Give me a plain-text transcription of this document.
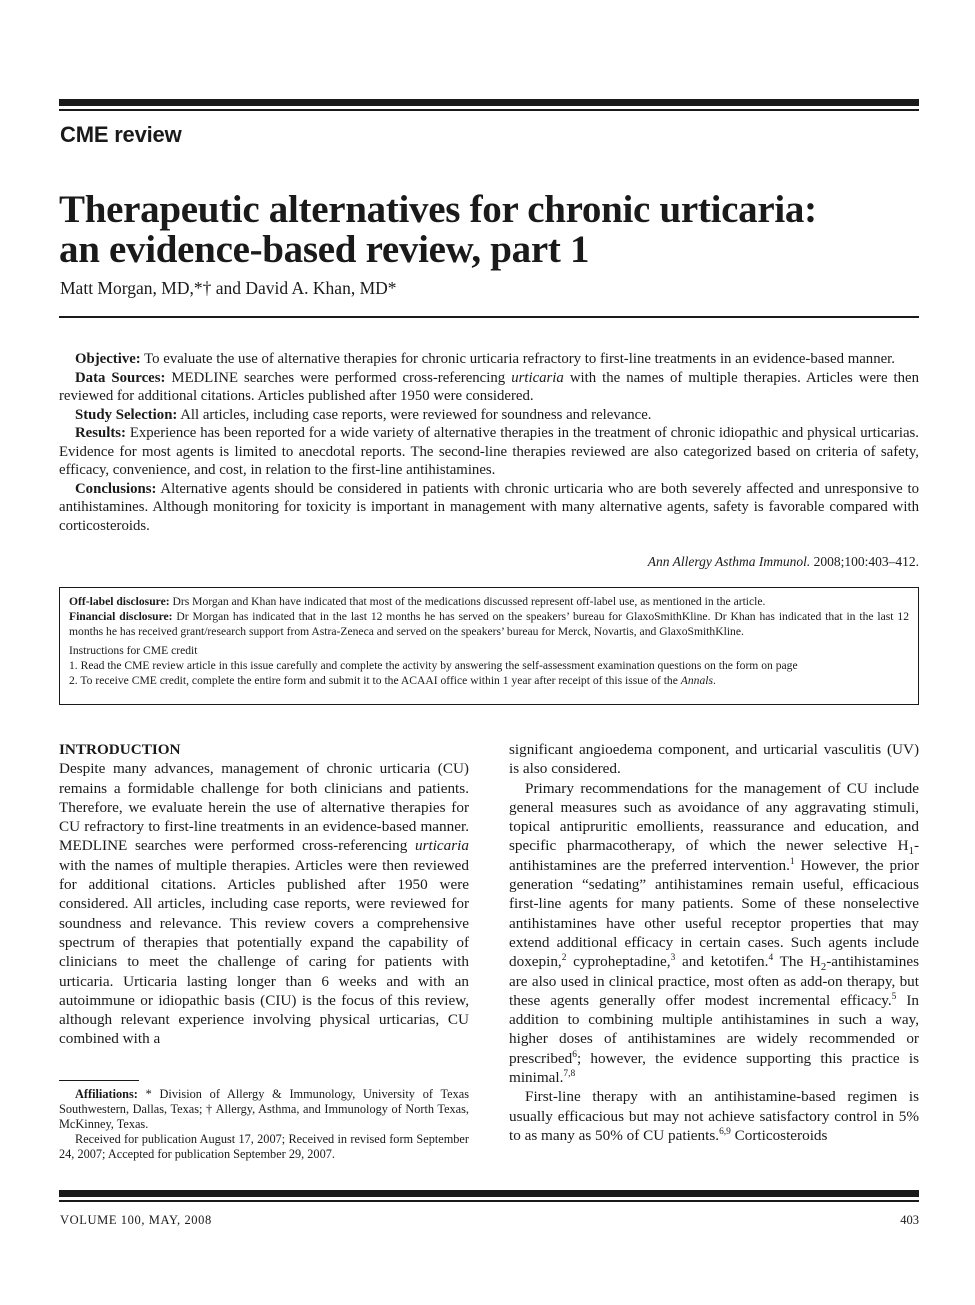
CME review
Therapeutic alternatives for chronic urticaria:
an evidence-based review, part 1
Matt Morgan, MD,*† and David A. Khan, MD*

Objective: To evaluate the use of alternative therapies for chronic urticaria refractory to first-line treatments in an evidence-based manner.

Data Sources: MEDLINE searches were performed cross-referencing urticaria with the names of multiple therapies. Articles were then reviewed for additional citations. Articles published after 1950 were considered.

Study Selection: All articles, including case reports, were reviewed for soundness and relevance.

Results: Experience has been reported for a wide variety of alternative therapies in the treatment of chronic idiopathic and physical urticarias. Evidence for most agents is limited to anecdotal reports. The second-line therapies reviewed are also categorized based on criteria of safety, efficacy, convenience, and cost, in relation to the first-line antihistamines.

Conclusions: Alternative agents should be considered in patients with chronic urticaria who are both severely affected and unresponsive to antihistamines. Although monitoring for toxicity is important in management with many alternative agents, safety is favorable compared with corticosteroids.

Ann Allergy Asthma Immunol. 2008;100:403–412.

Off-label disclosure: Drs Morgan and Khan have indicated that most of the medications discussed represent off-label use, as mentioned in the article.

Financial disclosure: Dr Morgan has indicated that in the last 12 months he has served on the speakers’ bureau for GlaxoSmithKline. Dr Khan has indicated that in the last 12 months he has received grant/research support from Astra-Zeneca and served on the speakers’ bureau for Merck, Novartis, and GlaxoSmithKline.

Instructions for CME credit

1. Read the CME review article in this issue carefully and complete the activity by answering the self-assessment examination questions on the form on page

2. To receive CME credit, complete the entire form and submit it to the ACAAI office within 1 year after receipt of this issue of the Annals.

INTRODUCTION

Despite many advances, management of chronic urticaria (CU) remains a formidable challenge for both clinicians and patients. Therefore, we evaluate herein the use of alternative therapies for CU refractory to first-line treatments in an evidence-based manner. MEDLINE searches were performed cross-referencing urticaria with the names of multiple therapies. Articles were then reviewed for additional citations. Articles published after 1950 were considered. All articles, including case reports, were reviewed for soundness and relevance. This review covers a comprehensive spectrum of therapies that potentially expand the capability of clinicians to meet the challenge of caring for patients with urticaria. Urticaria lasting longer than 6 weeks and with an autoimmune or idiopathic basis (CIU) is the focus of this review, although relevant experience involving physical urticarias, CU combined with a

Affiliations: * Division of Allergy & Immunology, University of Texas Southwestern, Dallas, Texas; † Allergy, Asthma, and Immunology of North Texas, McKinney, Texas.

Received for publication August 17, 2007; Received in revised form September 24, 2007; Accepted for publication September 29, 2007.

significant angioedema component, and urticarial vasculitis (UV) is also considered.

Primary recommendations for the management of CU include general measures such as avoidance of any aggravating stimuli, topical antipruritic emollients, reassurance and education, and specific pharmacotherapy, of which the newer selective $H_1$-antihistamines are the preferred intervention.$^1$ However, the prior generation “sedating” antihistamines remain useful, efficacious first-line agents for many patients. Some of these nonselective antihistamines have other useful receptor properties that may extend additional efficacy in certain cases. Such agents include doxepin,$^2$ cyproheptadine,$^3$ and ketotifen.$^4$ The $H_2$-antihistamines are also used in clinical practice, most often as add-on therapy, but these agents generally offer modest incremental efficacy.$^5$ In addition to combining multiple antihistamines in such a way, higher doses of antihistamines are widely recommended or prescribed$^6$; however, the evidence supporting this practice is minimal.$^{7,8}$

First-line therapy with an antihistamine-based regimen is usually efficacious but may not achieve satisfactory control in 5% to as many as 50% of CU patients.$^{6,9}$ Corticosteroids

VOLUME 100, MAY, 2008	403
